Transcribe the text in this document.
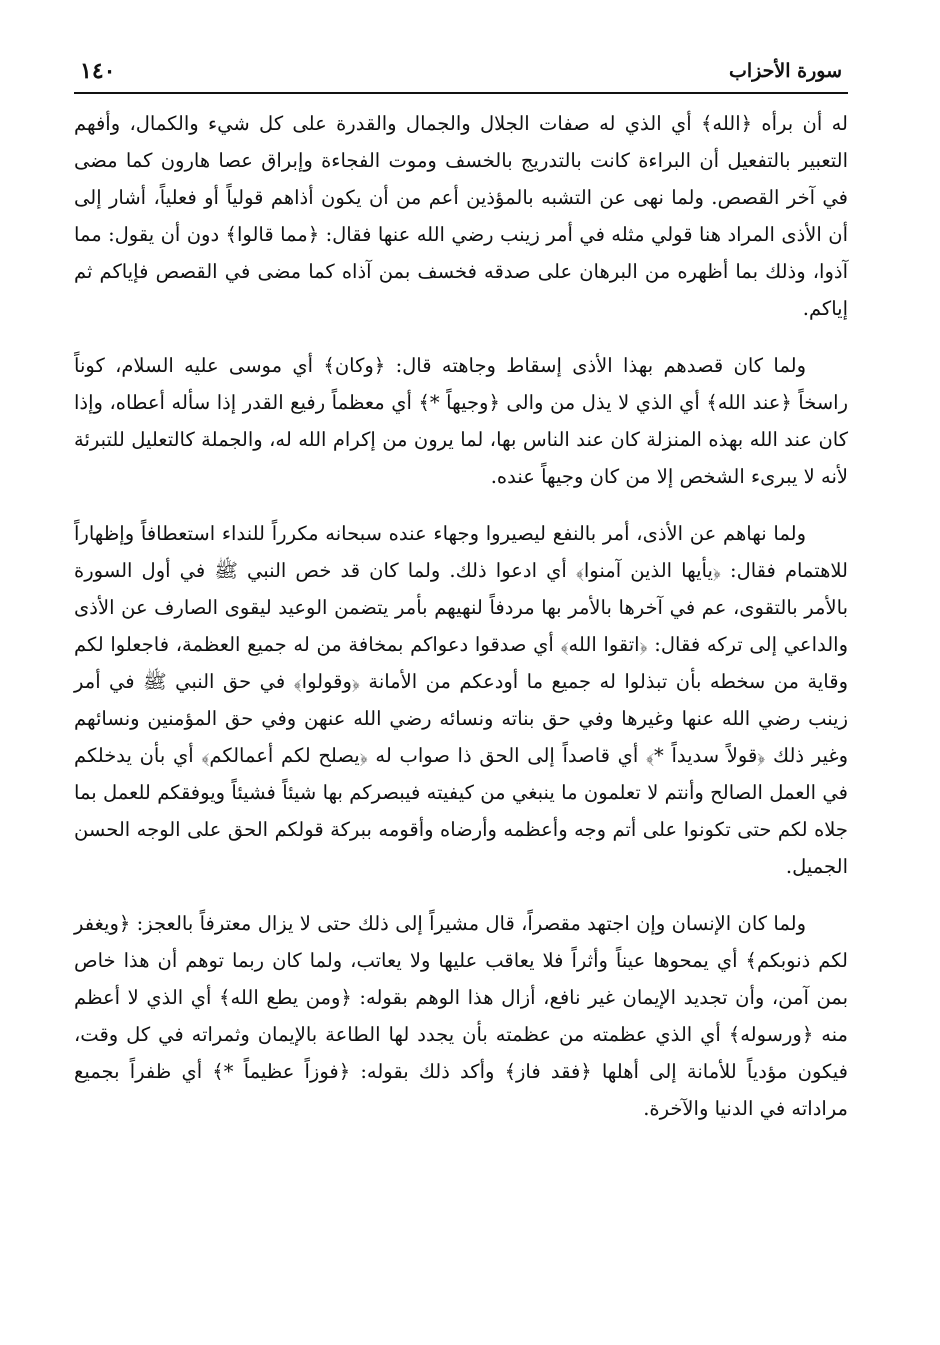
١٤٠	سورة الأحزاب

له أن برأه ﴿الله﴾ أي الذي له صفات الجلال والجمال والقدرة على كل شيء والكمال، وأفهم التعبير بالتفعيل أن البراءة كانت بالتدريج بالخسف وموت الفجاءة وإبراق عصا هارون كما مضى في آخر القصص. ولما نهى عن التشبه بالمؤذين أعم من أن يكون أذاهم قولياً أو فعلياً، أشار إلى أن الأذى المراد هنا قولي مثله في أمر زينب رضي الله عنها فقال: ﴿مما قالوا﴾ دون أن يقول: مما آذوا، وذلك بما أظهره من البرهان على صدقه فخسف بمن آذاه كما مضى في القصص فإياكم ثم إياكم.

ولما كان قصدهم بهذا الأذى إسقاط وجاهته قال: ﴿وكان﴾ أي موسى عليه السلام، كوناً راسخاً ﴿عند الله﴾ أي الذي لا يذل من والى ﴿وجيهاً *﴾ أي معظماً رفيع القدر إذا سأله أعطاه، وإذا كان عند الله بهذه المنزلة كان عند الناس بها، لما يرون من إكرام الله له، والجملة كالتعليل للتبرئة لأنه لا يبرىء الشخص إلا من كان وجيهاً عنده.

ولما نهاهم عن الأذى، أمر بالنفع ليصيروا وجهاء عنده سبحانه مكرراً للنداء استعطافاً وإظهاراً للاهتمام فقال: ﴿يأيها الذين آمنوا﴾ أي ادعوا ذلك. ولما كان قد خص النبي ﷺ في أول السورة بالأمر بالتقوى، عم في آخرها بالأمر بها مردفاً لنهيهم بأمر يتضمن الوعيد ليقوى الصارف عن الأذى والداعي إلى تركه فقال: ﴿اتقوا الله﴾ أي صدقوا دعواكم بمخافة من له جميع العظمة، فاجعلوا لكم وقاية من سخطه بأن تبذلوا له جميع ما أودعكم من الأمانة ﴿وقولوا﴾ في حق النبي ﷺ في أمر زينب رضي الله عنها وغيرها وفي حق بناته ونسائه رضي الله عنهن وفي حق المؤمنين ونسائهم وغير ذلك ﴿قولاً سديداً *﴾ أي قاصداً إلى الحق ذا صواب له ﴿يصلح لكم أعمالكم﴾ أي بأن يدخلكم في العمل الصالح وأنتم لا تعلمون ما ينبغي من كيفيته فيبصركم بها شيئاً فشيئاً ويوفقكم للعمل بما جلاه لكم حتى تكونوا على أتم وجه وأعظمه وأرضاه وأقومه ببركة قولكم الحق على الوجه الحسن الجميل.

ولما كان الإنسان وإن اجتهد مقصراً، قال مشيراً إلى ذلك حتى لا يزال معترفاً بالعجز: ﴿ويغفر لكم ذنوبكم﴾ أي يمحوها عيناً وأثراً فلا يعاقب عليها ولا يعاتب، ولما كان ربما توهم أن هذا خاص بمن آمن، وأن تجديد الإيمان غير نافع، أزال هذا الوهم بقوله: ﴿ومن يطع الله﴾ أي الذي لا أعظم منه ﴿ورسوله﴾ أي الذي عظمته من عظمته بأن يجدد لها الطاعة بالإيمان وثمراته في كل وقت، فيكون مؤدياً للأمانة إلى أهلها ﴿فقد فاز﴾ وأكد ذلك بقوله: ﴿فوزاً عظيماً *﴾ أي ظفراً بجميع مراداته في الدنيا والآخرة.
